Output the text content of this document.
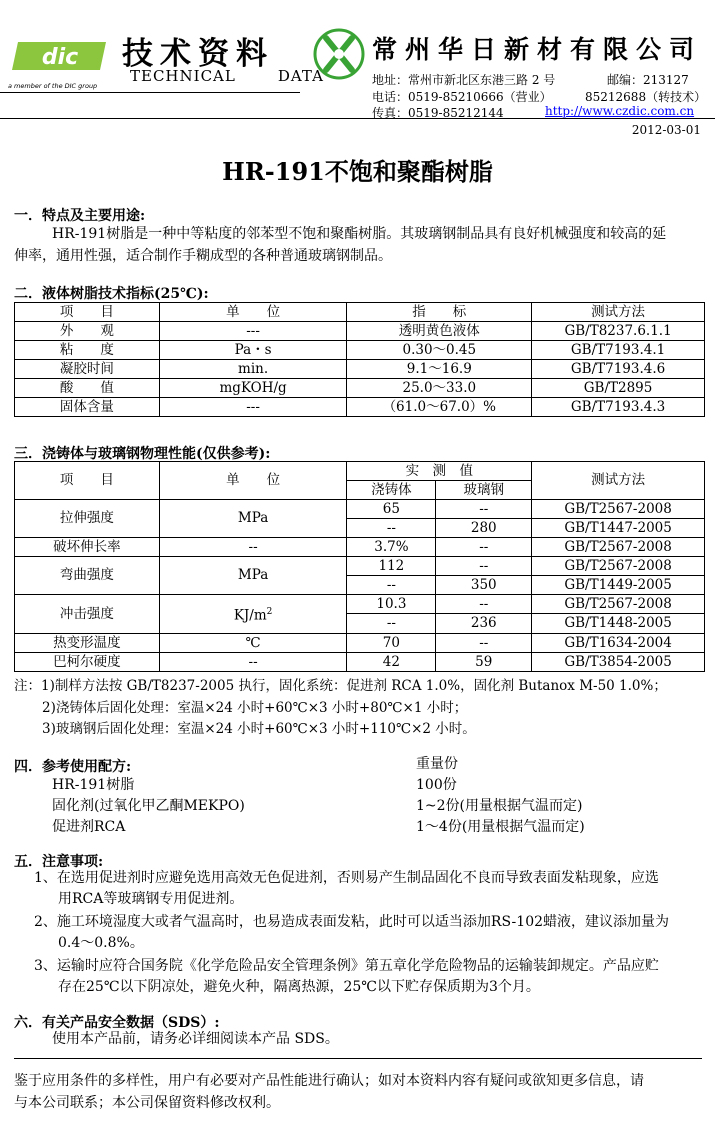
dic
a member of the DIC group
技术资料
TECHNICAL	DATA
常州华日新材有限公司
地址：常州市新北区东港三路 2 号	邮编：213127
电话：0519-85210666（营业）	85212688（转技术）
传真：0519-85212144	http://www.czdic.com.cn
2012-03-01
HR-191不饱和聚酯树脂
一．特点及主要用途:
HR-191树脂是一种中等粘度的邻苯型不饱和聚酯树脂。其玻璃钢制品具有良好机械强度和较高的延
伸率，通用性强，适合制作手糊成型的各种普通玻璃钢制品。
二．液体树脂技术指标(25℃):
项　　目	单　　位	指　　标	测试方法
外　　观	---	透明黄色液体	GB/T8237.6.1.1
粘　　度	Pa・s	0.30～0.45	GB/T7193.4.1
凝胶时间	min.	9.1～16.9	GB/T7193.4.6
酸　　值	mgKOH/g	25.0～33.0	GB/T2895
固体含量	---	（61.0～67.0）%	GB/T7193.4.3
三．浇铸体与玻璃钢物理性能(仅供参考):
项　　目	单　　位	实　测　值		测试方法
		浇铸体	玻璃钢	
拉伸强度	MPa	65	--	GB/T2567-2008
		--	280	GB/T1447-2005
破坏伸长率	--	3.7%	--	GB/T2567-2008
弯曲强度	MPa	112	--	GB/T2567-2008
		--	350	GB/T1449-2005
冲击强度	$KJ/m^2$	10.3	--	GB/T2567-2008
		--	236	GB/T1448-2005
热变形温度	℃	70	--	GB/T1634-2004
巴柯尔硬度	--	42	59	GB/T3854-2005
注：1)制样方法按 GB/T8237-2005 执行，固化系统：促进剂 RCA 1.0%，固化剂 Butanox M-50 1.0%；
2)浇铸体后固化处理：室温×24 小时+60℃×3 小时+80℃×1 小时；
3)玻璃钢后固化处理：室温×24 小时+60℃×3 小时+110℃×2 小时。
四．参考使用配方:	重量份
HR-191树脂	100份
固化剂(过氧化甲乙酮MEKPO)	1~2份(用量根据气温而定)
促进剂RCA	1～4份(用量根据气温而定)
五．注意事项:
1、在选用促进剂时应避免选用高效无色促进剂，否则易产生制品固化不良而导致表面发粘现象，应选
用RCA等玻璃钢专用促进剂。
2、施工环境湿度大或者气温高时，也易造成表面发粘，此时可以适当添加RS-102蜡液，建议添加量为
0.4～0.8%。
3、运输时应符合国务院《化学危险品安全管理条例》第五章化学危险物品的运输装卸规定。产品应贮
存在25℃以下阴凉处，避免火种，隔离热源，25℃以下贮存保质期为3个月。
六．有关产品安全数据（SDS）:
使用本产品前，请务必详细阅读本产品 SDS。
鉴于应用条件的多样性，用户有必要对产品性能进行确认；如对本资料内容有疑问或欲知更多信息，请
与本公司联系；本公司保留资料修改权利。
